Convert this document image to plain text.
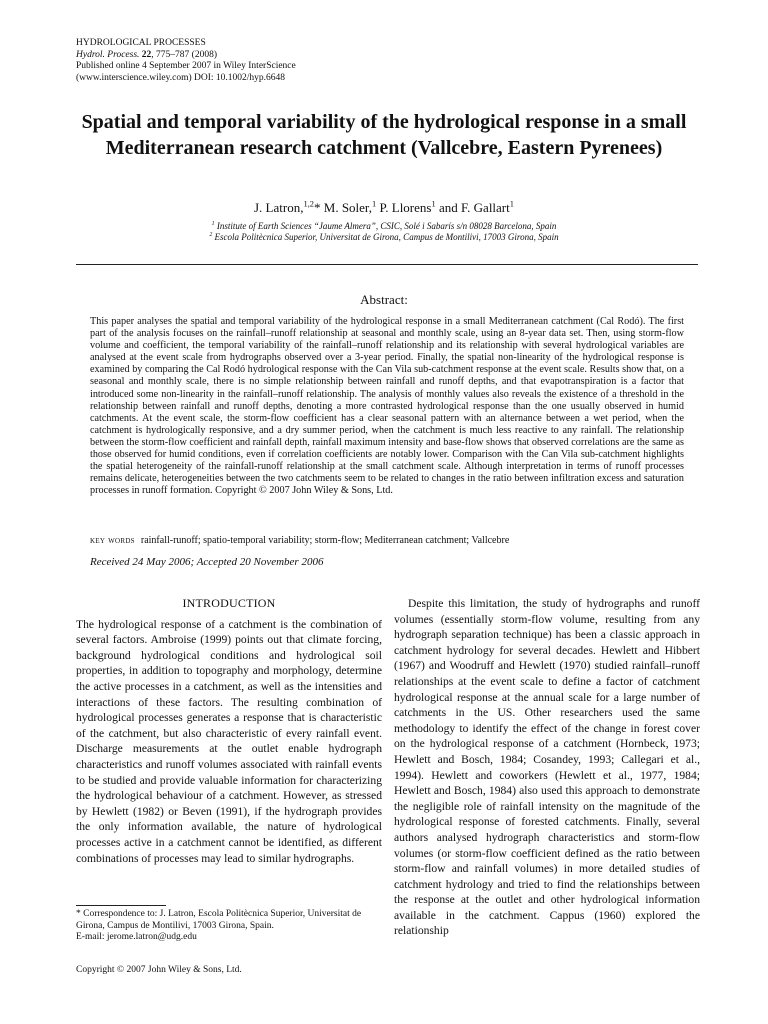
HYDROLOGICAL PROCESSES
Hydrol. Process. 22, 775–787 (2008)
Published online 4 September 2007 in Wiley InterScience
(www.interscience.wiley.com) DOI: 10.1002/hyp.6648
Spatial and temporal variability of the hydrological response in a small Mediterranean research catchment (Vallcebre, Eastern Pyrenees)
J. Latron,$^{1,2}$* M. Soler,$^1$ P. Llorens$^1$ and F. Gallart$^1$
$^1$ Institute of Earth Sciences “Jaume Almera”, CSIC, Solé i Sabarís s/n 08028 Barcelona, Spain
$^2$ Escola Politècnica Superior, Universitat de Girona, Campus de Montilivi, 17003 Girona, Spain
Abstract:

This paper analyses the spatial and temporal variability of the hydrological response in a small Mediterranean catchment (Cal Rodó). The first part of the analysis focuses on the rainfall–runoff relationship at seasonal and monthly scale, using an 8-year data set. Then, using storm-flow volume and coefficient, the temporal variability of the rainfall–runoff relationship and its relationship with several hydrological variables are analysed at the event scale from hydrographs observed over a 3-year period. Finally, the spatial non-linearity of the hydrological response is examined by comparing the Cal Rodó hydrological response with the Can Vila sub-catchment response at the event scale. Results show that, on a seasonal and monthly scale, there is no simple relationship between rainfall and runoff depths, and that evapotranspiration is a factor that introduced some non-linearity in the rainfall–runoff relationship. The analysis of monthly values also reveals the existence of a threshold in the relationship between rainfall and runoff depths, denoting a more contrasted hydrological response than the one usually observed in humid catchments. At the event scale, the storm-flow coefficient has a clear seasonal pattern with an alternance between a wet period, when the catchment is hydrologically responsive, and a dry summer period, when the catchment is much less reactive to any rainfall. The relationship between the storm-flow coefficient and rainfall depth, rainfall maximum intensity and base-flow shows that observed correlations are the same as those observed for humid conditions, even if correlation coefficients are notably lower. Comparison with the Can Vila sub-catchment highlights the spatial heterogeneity of the rainfall-runoff relationship at the small catchment scale. Although interpretation in terms of runoff processes remains delicate, heterogeneities between the two catchments seem to be related to changes in the ratio between infiltration excess and saturation processes in runoff formation. Copyright © 2007 John Wiley & Sons, Ltd.

key words rainfall-runoff; spatio-temporal variability; storm-flow; Mediterranean catchment; Vallcebre
Received 24 May 2006; Accepted 20 November 2006
INTRODUCTION

The hydrological response of a catchment is the combination of several factors. Ambroise (1999) points out that climate forcing, background hydrological conditions and hydrological soil properties, in addition to topography and morphology, determine the active processes in a catchment, as well as the intensities and interactions of these factors. The resulting combination of hydrological processes generates a response that is characteristic of the catchment, but also characteristic of every rainfall event. Discharge measurements at the outlet enable hydrograph characteristics and runoff volumes associated with rainfall events to be studied and provide valuable information for characterizing the hydrological behaviour of a catchment. However, as stressed by Hewlett (1982) or Beven (1991), if the hydrograph provides the only information available, the nature of hydrological processes active in a catchment cannot be identified, as different combinations of processes may lead to similar hydrographs.

Despite this limitation, the study of hydrographs and runoff volumes (essentially storm-flow volume, resulting from any hydrograph separation technique) has been a classic approach in catchment hydrology for several decades. Hewlett and Hibbert (1967) and Woodruff and Hewlett (1970) studied rainfall–runoff relationships at the event scale to define a factor of catchment hydrological response at the annual scale for a large number of catchments in the US. Other researchers used the same methodology to identify the effect of the change in forest cover on the hydrological response of a catchment (Hornbeck, 1973; Hewlett and Bosch, 1984; Cosandey, 1993; Callegari et al., 1994). Hewlett and coworkers (Hewlett et al., 1977, 1984; Hewlett and Bosch, 1984) also used this approach to demonstrate the negligible role of rainfall intensity on the magnitude of the hydrological response of forested catchments. Finally, several authors analysed hydrograph characteristics and storm-flow volumes (or storm-flow coefficient defined as the ratio between storm-flow and rainfall volumes) in more detailed studies of catchment hydrology and tried to find the relationships between the response at the outlet and other hydrological information available in the catchment. Cappus (1960) explored the relationship

* Correspondence to: J. Latron, Escola Politècnica Superior, Universitat de Girona, Campus de Montilivi, 17003 Girona, Spain.
E-mail: jerome.latron@udg.edu
Copyright © 2007 John Wiley & Sons, Ltd.
